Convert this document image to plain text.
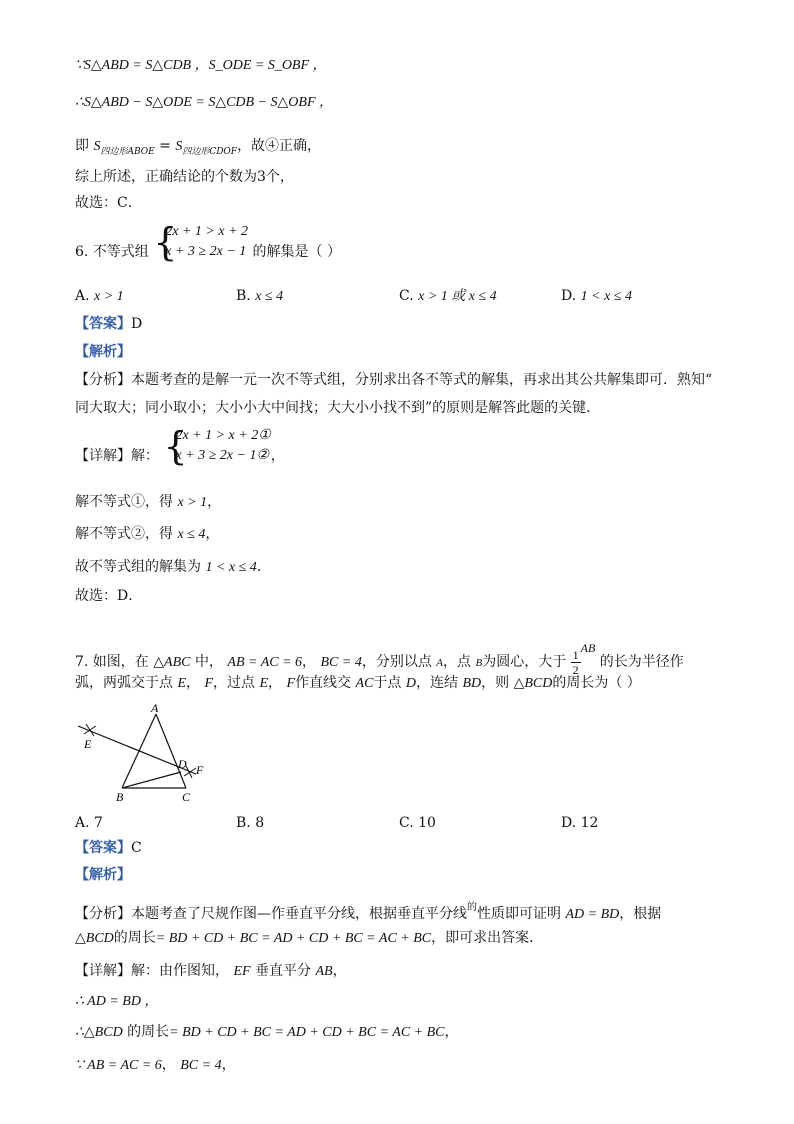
∵S△ABD = S△CDB ，S_ODE = S_OBF ，
∴S△ABD − S△ODE = S△CDB − S△OBF ，
即 $S_{四边形ABOE} = S_{四边形CDOF}$，故④正确，
综上所述，正确结论的个数为3个，
故选：C．
6. 不等式组 {
2x + 1 > x + 2
x + 3 ≥ 2x − 1 的解集是（ ）
A. x > 1	B. x ≤ 4	C. x > 1 或 x ≤ 4	D. 1 < x ≤ 4
【答案】D
【解析】
【分析】本题考查的是解一元一次不等式组，分别求出各不等式的解集，再求出其公共解集即可．熟知“
同大取大；同小取小；大小小大中间找；大大小小找不到”的原则是解答此题的关键．
【详解】解： {
2x + 1 > x + 2①
x + 3 ≥ 2x − 1② ，
解不等式①，得 x > 1，
解不等式②，得 x ≤ 4，
故不等式组的解集为 1 < x ≤ 4．
故选：D．
7. 如图，在 △ABC 中， AB = AC = 6， BC = 4，分别以点 A，点 B为圆心，大于 $\frac{1}{2}$ AB 的长为半径作
弧，两弧交于点 E， F，过点 E， F作直线交 AC于点 D，连结 BD，则 △BCD的周长为（ ）
A
E
B	C
D F
A. 7	B. 8	C. 10	D. 12
【答案】C
【解析】
【分析】本题考查了尺规作图—作垂直平分线，根据垂直平分线$^的$性质即可证明 AD = BD，根据
△BCD的周长= BD + CD + BC = AD + CD + BC = AC + BC，即可求出答案．
【详解】解：由作图知， EF 垂直平分 AB，
∴ AD = BD ，
∴△BCD 的周长= BD + CD + BC = AD + CD + BC = AC + BC，
∵ AB = AC = 6， BC = 4，
